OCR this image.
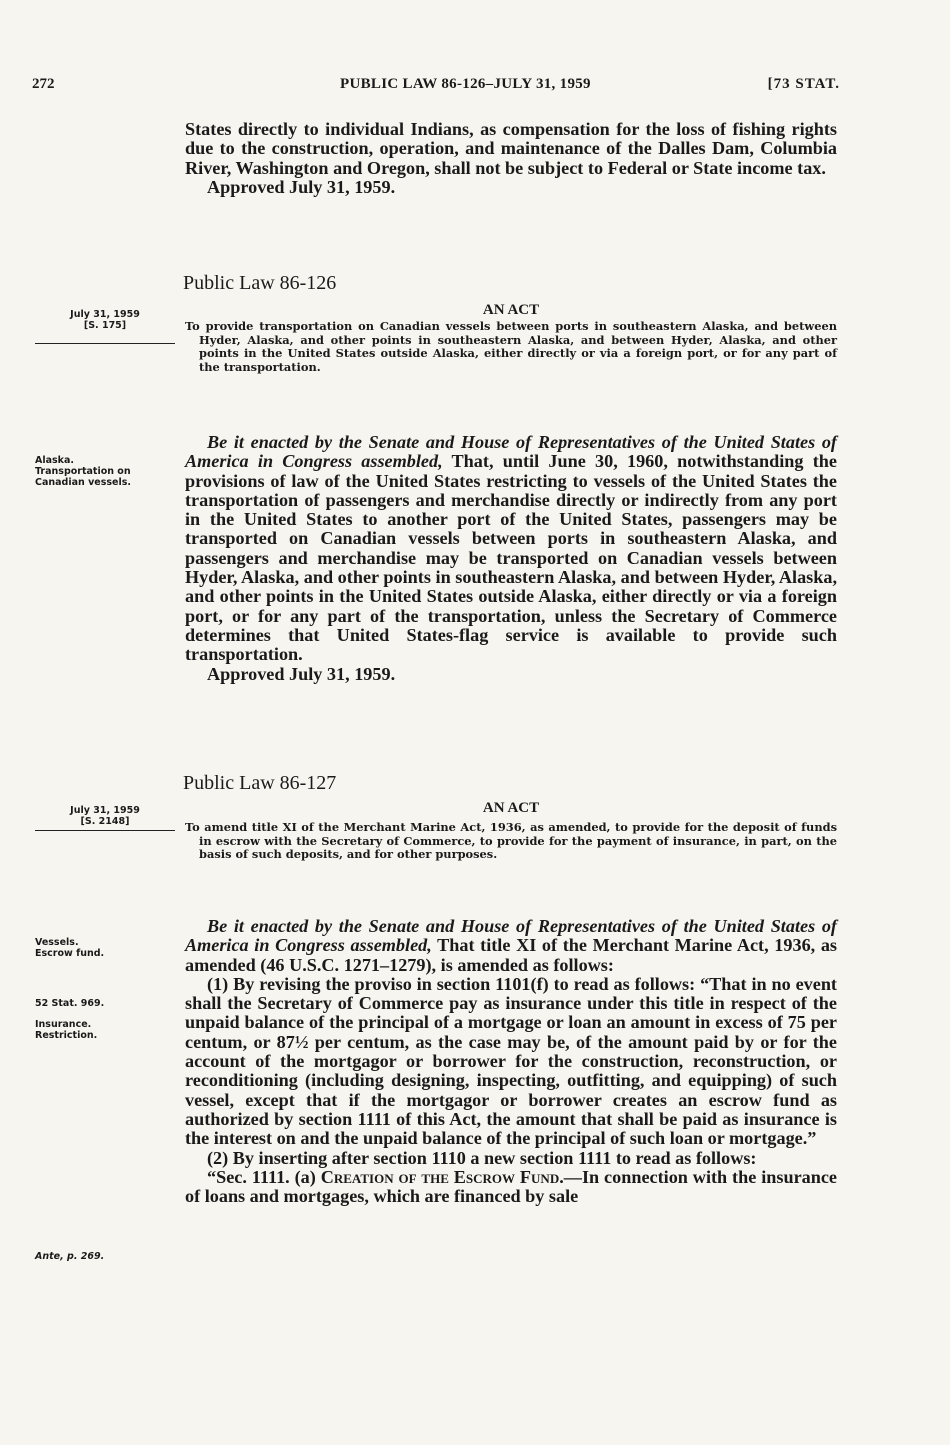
272	PUBLIC LAW 86-126–JULY 31, 1959	[73 STAT.

States directly to individual Indians, as compensation for the loss of fishing rights due to the construction, operation, and maintenance of the Dalles Dam, Columbia River, Washington and Oregon, shall not be subject to Federal or State income tax.

Approved July 31, 1959.

Public Law 86-126
July 31, 1959
[S. 175]
AN ACT
To provide transportation on Canadian vessels between ports in southeastern Alaska, and between Hyder, Alaska, and other points in southeastern Alaska, and between Hyder, Alaska, and other points in the United States outside Alaska, either directly or via a foreign port, or for any part of the transportation.
Alaska.
Transportation on Canadian vessels.

Be it enacted by the Senate and House of Representatives of the United States of America in Congress assembled, That, until June 30, 1960, notwithstanding the provisions of law of the United States restricting to vessels of the United States the transportation of passengers and merchandise directly or indirectly from any port in the United States to another port of the United States, passengers may be transported on Canadian vessels between ports in southeastern Alaska, and passengers and merchandise may be transported on Canadian vessels between Hyder, Alaska, and other points in southeastern Alaska, and between Hyder, Alaska, and other points in the United States outside Alaska, either directly or via a foreign port, or for any part of the transportation, unless the Secretary of Commerce determines that United States-flag service is available to provide such transportation.

Approved July 31, 1959.

Public Law 86-127
July 31, 1959
[S. 2148]
AN ACT
To amend title XI of the Merchant Marine Act, 1936, as amended, to provide for the deposit of funds in escrow with the Secretary of Commerce, to provide for the payment of insurance, in part, on the basis of such deposits, and for other purposes.
Vessels.
Escrow fund.
52 Stat. 969.
Insurance.
Restriction.
Ante, p. 269.

Be it enacted by the Senate and House of Representatives of the United States of America in Congress assembled, That title XI of the Merchant Marine Act, 1936, as amended (46 U.S.C. 1271–1279), is amended as follows:

(1) By revising the proviso in section 1101(f) to read as follows: “That in no event shall the Secretary of Commerce pay as insurance under this title in respect of the unpaid balance of the principal of a mortgage or loan an amount in excess of 75 per centum, or 87½ per centum, as the case may be, of the amount paid by or for the account of the mortgagor or borrower for the construction, reconstruction, or reconditioning (including designing, inspecting, outfitting, and equipping) of such vessel, except that if the mortgagor or borrower creates an escrow fund as authorized by section 1111 of this Act, the amount that shall be paid as insurance is the interest on and the unpaid balance of the principal of such loan or mortgage.”

(2) By inserting after section 1110 a new section 1111 to read as follows:

“Sec. 1111. (a) Creation of the Escrow Fund.—In connection with the insurance of loans and mortgages, which are financed by sale
